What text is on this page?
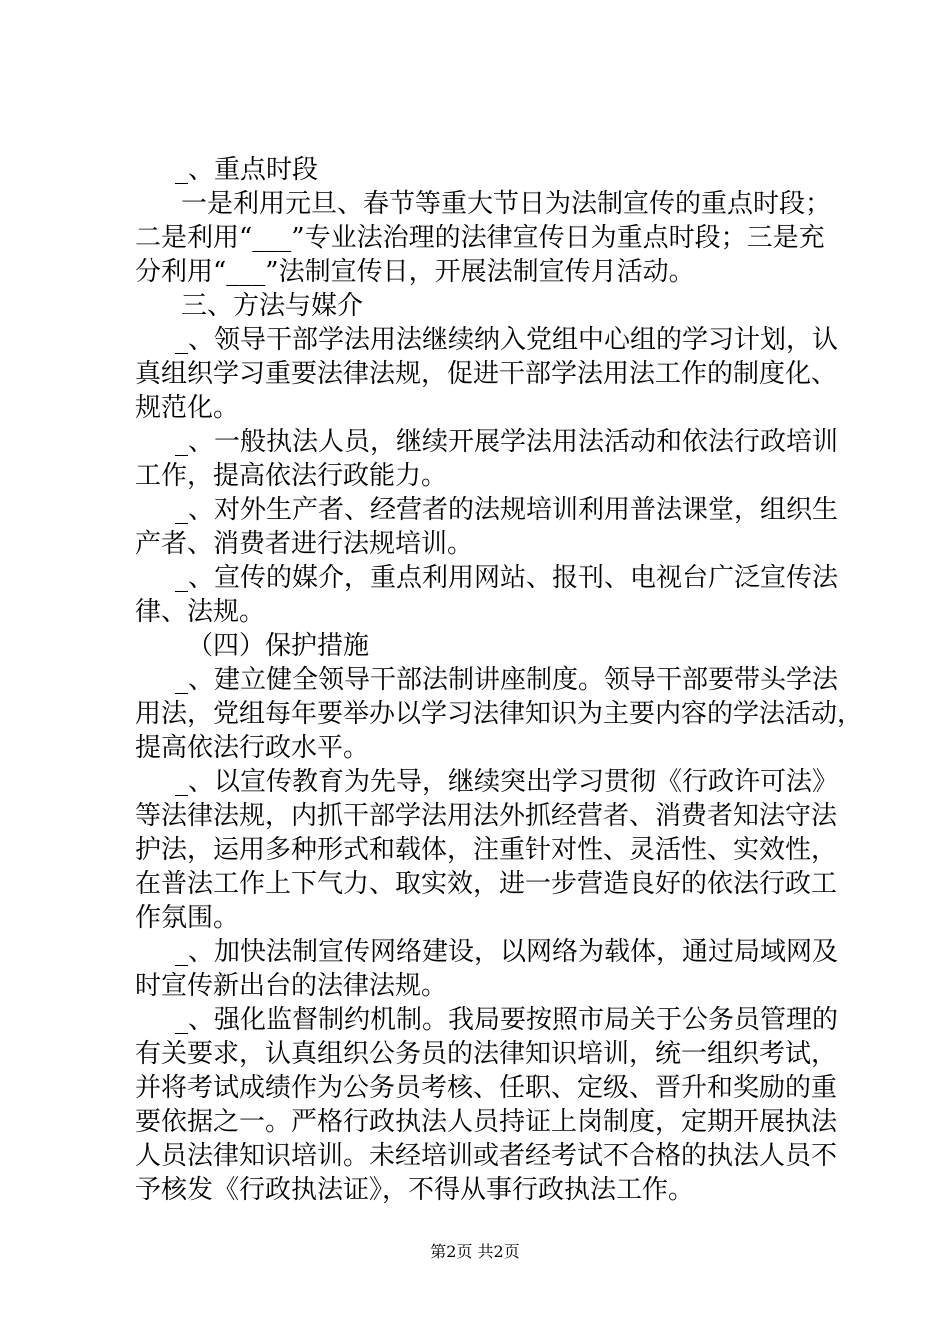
_、重点时段
一是利用元旦、春节等重大节日为法制宣传的重点时段；
二是利用“___”专业法治理的法律宣传日为重点时段；三是充
分利用“___”法制宣传日，开展法制宣传月活动。
三、方法与媒介
_、领导干部学法用法继续纳入党组中心组的学习计划，认
真组织学习重要法律法规，促进干部学法用法工作的制度化、
规范化。
_、一般执法人员，继续开展学法用法活动和依法行政培训
工作，提高依法行政能力。
_、对外生产者、经营者的法规培训利用普法课堂，组织生
产者、消费者进行法规培训。
_、宣传的媒介，重点利用网站、报刊、电视台广泛宣传法
律、法规。
（四）保护措施
_、建立健全领导干部法制讲座制度。领导干部要带头学法
用法，党组每年要举办以学习法律知识为主要内容的学法活动，
提高依法行政水平。
_、以宣传教育为先导，继续突出学习贯彻《行政许可法》
等法律法规，内抓干部学法用法外抓经营者、消费者知法守法
护法，运用多种形式和载体，注重针对性、灵活性、实效性，
在普法工作上下气力、取实效，进一步营造良好的依法行政工
作氛围。
_、加快法制宣传网络建设，以网络为载体，通过局域网及
时宣传新出台的法律法规。
_、强化监督制约机制。我局要按照市局关于公务员管理的
有关要求，认真组织公务员的法律知识培训，统一组织考试，
并将考试成绩作为公务员考核、任职、定级、晋升和奖励的重
要依据之一。严格行政执法人员持证上岗制度，定期开展执法
人员法律知识培训。未经培训或者经考试不合格的执法人员不
予核发《行政执法证》，不得从事行政执法工作。
第2页 共2页
